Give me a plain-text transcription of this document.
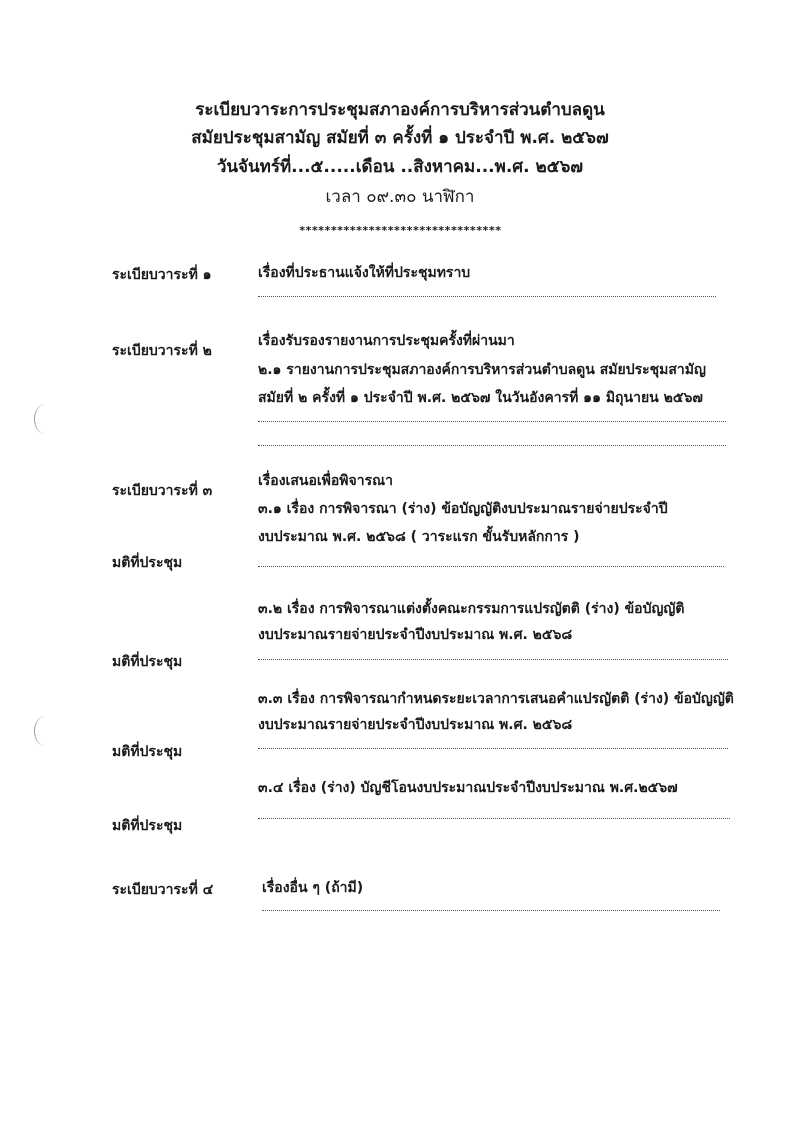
ระเบียบวาระการประชุมสภาองค์การบริหารส่วนตำบลดูน
สมัยประชุมสามัญ สมัยที่ ๓ ครั้งที่ ๑ ประจำปี พ.ศ. ๒๕๖๗
วันจันทร์ที่...๕.....เดือน ..สิงหาคม...พ.ศ. ๒๕๖๗
เวลา ๐๙.๓๐ นาฬิกา
********************************
ระเบียบวาระที่ ๑	เรื่องที่ประธานแจ้งให้ที่ประชุมทราบ
ระเบียบวาระที่ ๒
เรื่องรับรองรายงานการประชุมครั้งที่ผ่านมา
๒.๑ รายงานการประชุมสภาองค์การบริหารส่วนตำบลดูน สมัยประชุมสามัญ
สมัยที่ ๒ ครั้งที่ ๑ ประจำปี พ.ศ. ๒๕๖๗ ในวันอังคารที่ ๑๑ มิถุนายน ๒๕๖๗
ระเบียบวาระที่ ๓
เรื่องเสนอเพื่อพิจารณา
๓.๑ เรื่อง การพิจารณา (ร่าง) ข้อบัญญัติงบประมาณรายจ่ายประจำปี
งบประมาณ พ.ศ. ๒๕๖๘ ( วาระแรก ขั้นรับหลักการ )
มติที่ประชุม
๓.๒ เรื่อง การพิจารณาแต่งตั้งคณะกรรมการแปรญัตติ (ร่าง) ข้อบัญญัติ
งบประมาณรายจ่ายประจำปีงบประมาณ พ.ศ. ๒๕๖๘
มติที่ประชุม
๓.๓ เรื่อง การพิจารณากำหนดระยะเวลาการเสนอคำแปรญัตติ (ร่าง) ข้อบัญญัติ
งบประมาณรายจ่ายประจำปีงบประมาณ พ.ศ. ๒๕๖๘
มติที่ประชุม
๓.๔ เรื่อง (ร่าง) บัญชีโอนงบประมาณประจำปีงบประมาณ พ.ศ.๒๕๖๗
มติที่ประชุม
ระเบียบวาระที่ ๔	เรื่องอื่น ๆ (ถ้ามี)
